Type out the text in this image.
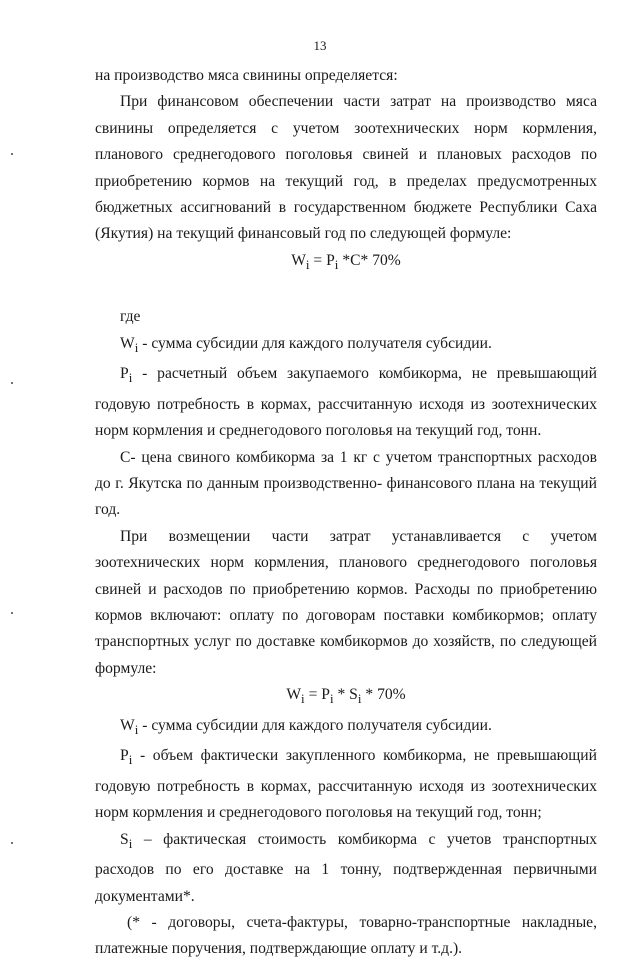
13

на производство мяса свинины определяется:

При финансовом обеспечении части затрат на производство мяса свинины определяется с учетом зоотехнических норм кормления, планового среднегодового поголовья свиней и плановых расходов по приобретению кормов на текущий год, в пределах предусмотренных бюджетных ассигнований в государственном бюджете Республики Саха (Якутия) на текущий финансовый год по следующей формуле:

$W_i = P_i$ *C* 70%

где

$W_i$ - сумма субсидии для каждого получателя субсидии.

$P_i$ - расчетный объем закупаемого комбикорма, не превышающий годовую потребность в кормах, рассчитанную исходя из зоотехнических норм кормления и среднегодового поголовья на текущий год, тонн.

С- цена свиного комбикорма за 1 кг с учетом транспортных расходов до г. Якутска по данным производственно- финансового плана на текущий год.

При возмещении части затрат устанавливается с учетом зоотехнических норм кормления, планового среднегодового поголовья свиней и расходов по приобретению кормов. Расходы по приобретению кормов включают: оплату по договорам поставки комбикормов; оплату транспортных услуг по доставке комбикормов до хозяйств, по следующей формуле:

$W_i = P_i * S_i * 70\%$

$W_i$ - сумма субсидии для каждого получателя субсидии.

$P_i$ - объем фактически закупленного комбикорма, не превышающий годовую потребность в кормах, рассчитанную исходя из зоотехнических норм кормления и среднегодового поголовья на текущий год, тонн;

$S_i$ – фактическая стоимость комбикорма с учетов транспортных расходов по его доставке на 1 тонну, подтвержденная первичными документами*.

(* - договоры, счета-фактуры, товарно-транспортные накладные, платежные поручения, подтверждающие оплату и т.д.).
